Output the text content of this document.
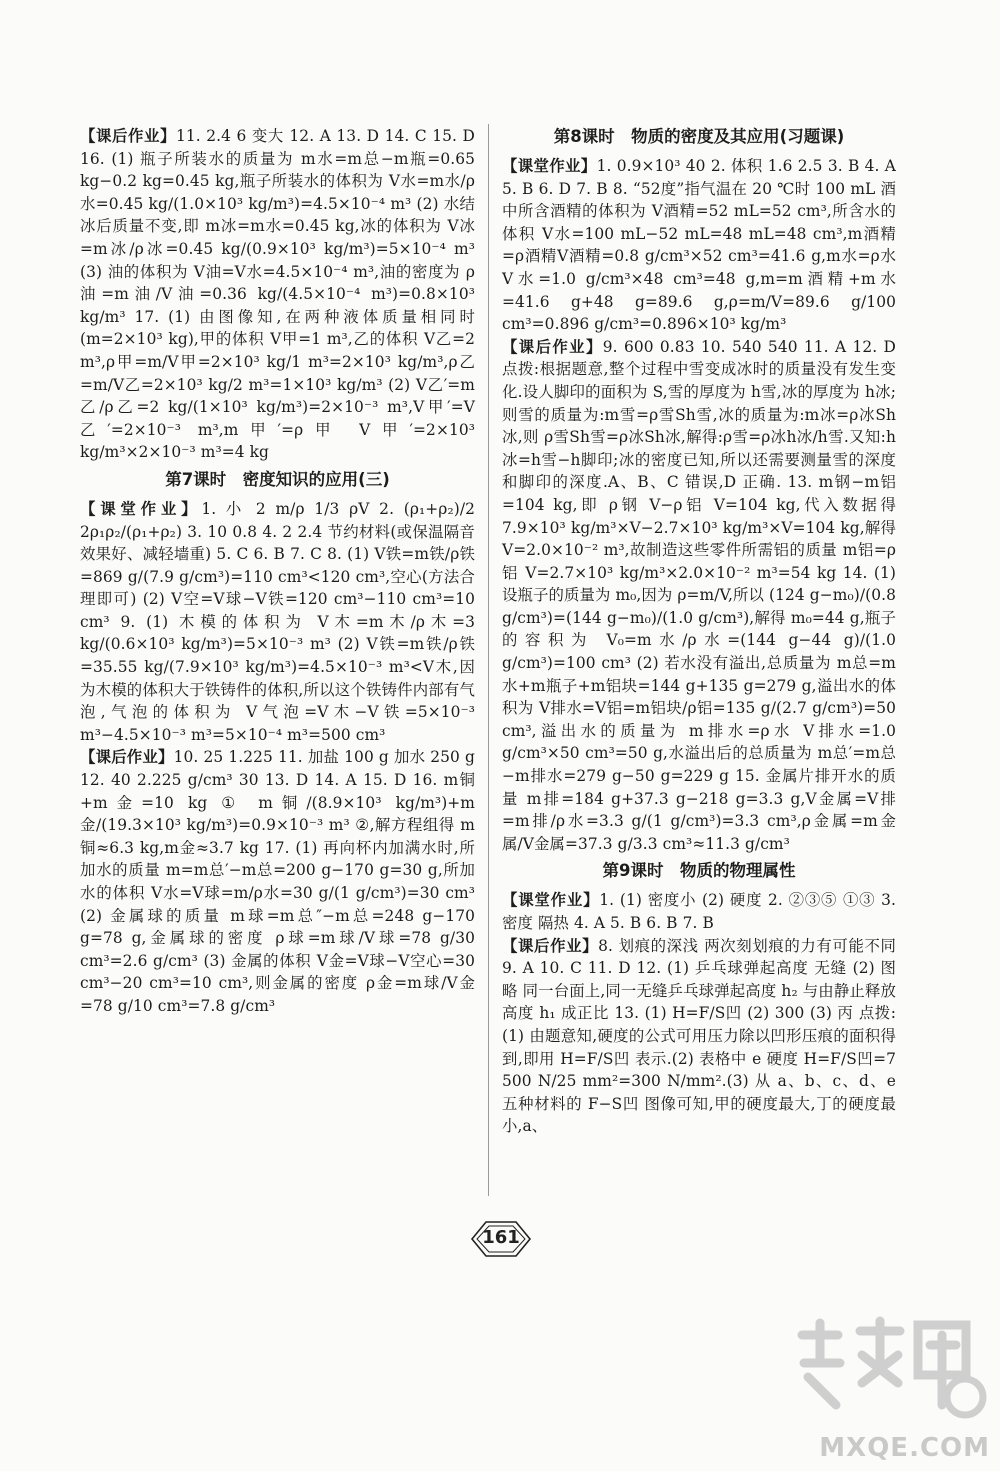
【课后作业】11. 2.4 6 变大 12. A 13. D 14. C 15. D 16. (1) 瓶子所装水的质量为 m水=m总−m瓶=0.65 kg−0.2 kg=0.45 kg,瓶子所装水的体积为 V水=m水/ρ水=0.45 kg/(1.0×10³ kg/m³)=4.5×10⁻⁴ m³ (2) 水结冰后质量不变,即 m冰=m水=0.45 kg,冰的体积为 V冰=m冰/ρ冰=0.45 kg/(0.9×10³ kg/m³)=5×10⁻⁴ m³ (3) 油的体积为 V油=V水=4.5×10⁻⁴ m³,油的密度为 ρ油=m油/V油=0.36 kg/(4.5×10⁻⁴ m³)=0.8×10³ kg/m³ 17. (1) 由图像知,在两种液体质量相同时(m=2×10³ kg),甲的体积 V甲=1 m³,乙的体积 V乙=2 m³,ρ甲=m/V甲=2×10³ kg/1 m³=2×10³ kg/m³,ρ乙=m/V乙=2×10³ kg/2 m³=1×10³ kg/m³ (2) V乙′=m乙/ρ乙=2 kg/(1×10³ kg/m³)=2×10⁻³ m³,V甲′=V乙′=2×10⁻³ m³,m甲′=ρ甲 V甲′=2×10³ kg/m³×2×10⁻³ m³=4 kg

第7课时　密度知识的应用(三)

【课堂作业】1. 小 2 m/ρ 1/3 ρV 2. (ρ₁+ρ₂)/2 2ρ₁ρ₂/(ρ₁+ρ₂) 3. 10 0.8 4. 2 2.4 节约材料(或保温隔音效果好、减轻墙重) 5. C 6. B 7. C 8. (1) V铁=m铁/ρ铁=869 g/(7.9 g/cm³)=110 cm³<120 cm³,空心(方法合理即可) (2) V空=V球−V铁=120 cm³−110 cm³=10 cm³ 9. (1) 木模的体积为 V木=m木/ρ木=3 kg/(0.6×10³ kg/m³)=5×10⁻³ m³ (2) V铁=m铁/ρ铁=35.55 kg/(7.9×10³ kg/m³)=4.5×10⁻³ m³<V木,因为木模的体积大于铁铸件的体积,所以这个铁铸件内部有气泡,气泡的体积为 V气泡=V木−V铁=5×10⁻³ m³−4.5×10⁻³ m³=5×10⁻⁴ m³=500 cm³

【课后作业】10. 25 1.225 11. 加盐 100 g 加水 250 g 12. 40 2.225 g/cm³ 30 13. D 14. A 15. D 16. m铜+m金=10 kg ① m铜/(8.9×10³ kg/m³)+m金/(19.3×10³ kg/m³)=0.9×10⁻³ m³ ②,解方程组得 m铜≈6.3 kg,m金≈3.7 kg 17. (1) 再向杯内加满水时,所加水的质量 m=m总′−m总=200 g−170 g=30 g,所加水的体积 V水=V球=m/ρ水=30 g/(1 g/cm³)=30 cm³ (2) 金属球的质量 m球=m总″−m总=248 g−170 g=78 g,金属球的密度 ρ球=m球/V球=78 g/30 cm³=2.6 g/cm³ (3) 金属的体积 V金=V球−V空心=30 cm³−20 cm³=10 cm³,则金属的密度 ρ金=m球/V金=78 g/10 cm³=7.8 g/cm³

第8课时　物质的密度及其应用(习题课)

【课堂作业】1. 0.9×10³ 40 2. 体积 1.6 2.5 3. B 4. A 5. B 6. D 7. B 8. “52度”指气温在 20 ℃时 100 mL 酒中所含酒精的体积为 V酒精=52 mL=52 cm³,所含水的体积 V水=100 mL−52 mL=48 mL=48 cm³,m酒精=ρ酒精V酒精=0.8 g/cm³×52 cm³=41.6 g,m水=ρ水V水=1.0 g/cm³×48 cm³=48 g,m=m酒精+m水=41.6 g+48 g=89.6 g,ρ=m/V=89.6 g/100 cm³=0.896 g/cm³=0.896×10³ kg/m³

【课后作业】9. 600 0.83 10. 540 540 11. A 12. D 点拨:根据题意,整个过程中雪变成冰时的质量没有发生变化.设人脚印的面积为 S,雪的厚度为 h雪,冰的厚度为 h冰;则雪的质量为:m雪=ρ雪Sh雪,冰的质量为:m冰=ρ冰Sh冰,则 ρ雪Sh雪=ρ冰Sh冰,解得:ρ雪=ρ冰h冰/h雪.又知:h冰=h雪−h脚印;冰的密度已知,所以还需要测量雪的深度和脚印的深度.A、B、C 错误,D 正确. 13. m钢−m铝=104 kg,即 ρ钢 V−ρ铝 V=104 kg,代入数据得 7.9×10³ kg/m³×V−2.7×10³ kg/m³×V=104 kg,解得 V=2.0×10⁻² m³,故制造这些零件所需铝的质量 m铝=ρ铝 V=2.7×10³ kg/m³×2.0×10⁻² m³=54 kg 14. (1) 设瓶子的质量为 m₀,因为 ρ=m/V,所以 (124 g−m₀)/(0.8 g/cm³)=(144 g−m₀)/(1.0 g/cm³),解得 m₀=44 g,瓶子的容积为 V₀=m水/ρ水=(144 g−44 g)/(1.0 g/cm³)=100 cm³ (2) 若水没有溢出,总质量为 m总=m水+m瓶子+m铝块=144 g+135 g=279 g,溢出水的体积为 V排水=V铝=m铝块/ρ铝=135 g/(2.7 g/cm³)=50 cm³,溢出水的质量为 m排水=ρ水 V排水=1.0 g/cm³×50 cm³=50 g,水溢出后的总质量为 m总′=m总−m排水=279 g−50 g=229 g 15. 金属片排开水的质量 m排=184 g+37.3 g−218 g=3.3 g,V金属=V排=m排/ρ水=3.3 g/(1 g/cm³)=3.3 cm³,ρ金属=m金属/V金属=37.3 g/3.3 cm³≈11.3 g/cm³

第9课时　物质的物理属性

【课堂作业】1. (1) 密度小 (2) 硬度 2. ②③⑤ ①③ 3. 密度 隔热 4. A 5. B 6. B 7. B

【课后作业】8. 划痕的深浅 两次刻划痕的力有可能不同 9. A 10. C 11. D 12. (1) 乒乓球弹起高度 无缝 (2) 图略 同一台面上,同一无缝乒乓球弹起高度 h₂ 与由静止释放高度 h₁ 成正比 13. (1) H=F/S凹 (2) 300 (3) 丙 点拨:(1) 由题意知,硬度的公式可用压力除以凹形压痕的面积得到,即用 H=F/S凹 表示.(2) 表格中 e 硬度 H=F/S凹=7 500 N/25 mm²=300 N/mm².(3) 从 a、b、c、d、e 五种材料的 F−S凹 图像可知,甲的硬度最大,丁的硬度最小,a、

161
MXQE.COM
